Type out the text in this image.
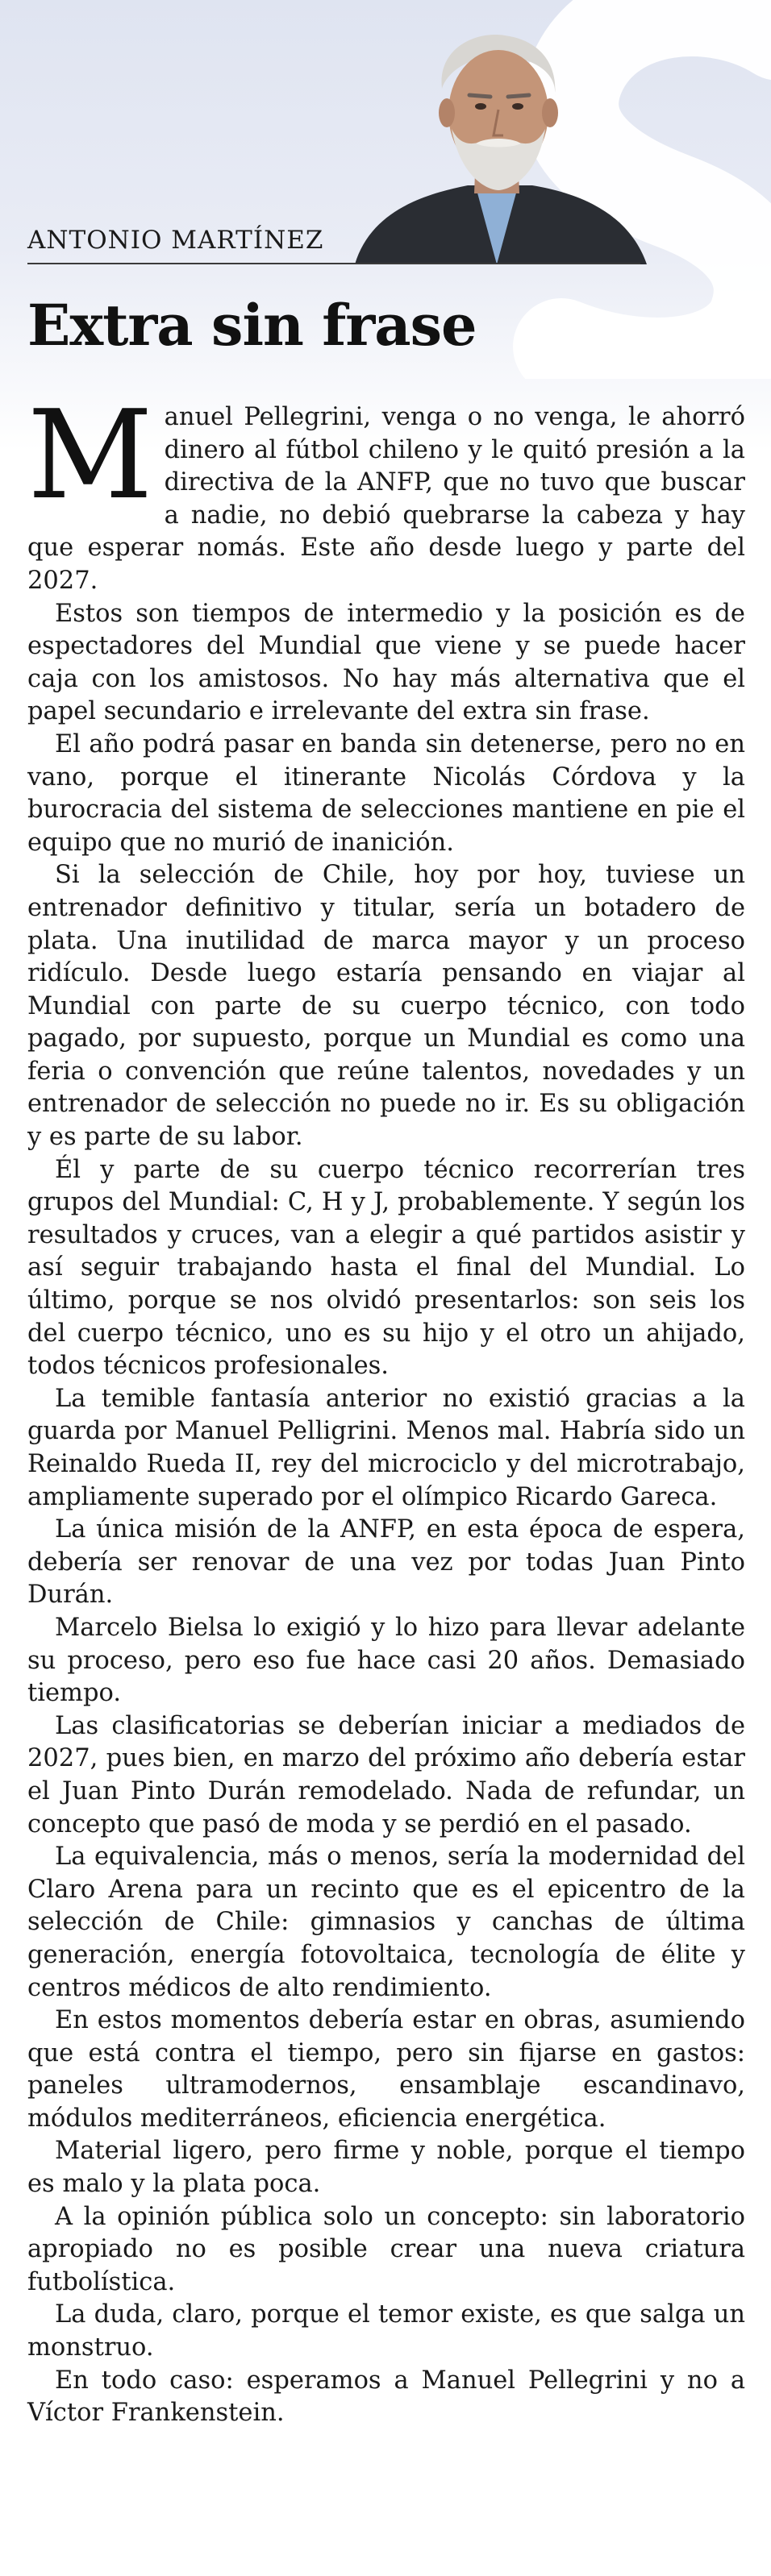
ANTONIO MARTÍNEZ
Extra sin frase

Manuel Pellegrini, venga o no venga, le ahorró dinero al fútbol chileno y le quitó presión a la directiva de la ANFP, que no tuvo que buscar a nadie, no debió quebrarse la cabeza y hay que esperar nomás. Este año desde luego y parte del 2027.

Estos son tiempos de intermedio y la posición es de espectadores del Mundial que viene y se puede hacer caja con los amistosos. No hay más alternativa que el papel secundario e irrelevante del extra sin frase.

El año podrá pasar en banda sin detenerse, pero no en vano, porque el itinerante Nicolás Córdova y la burocracia del sistema de selecciones mantiene en pie el equipo que no murió de inanición.

Si la selección de Chile, hoy por hoy, tuviese un entrenador definitivo y titular, sería un botadero de plata. Una inutilidad de marca mayor y un proceso ridículo. Desde luego estaría pensando en viajar al Mundial con parte de su cuerpo técnico, con todo pagado, por supuesto, porque un Mundial es como una feria o convención que reúne talentos, novedades y un entrenador de selección no puede no ir. Es su obligación y es parte de su labor.

Él y parte de su cuerpo técnico recorrerían tres grupos del Mundial: C, H y J, probablemente. Y según los resultados y cruces, van a elegir a qué partidos asistir y así seguir trabajando hasta el final del Mundial. Lo último, porque se nos olvidó presentarlos: son seis los del cuerpo técnico, uno es su hijo y el otro un ahijado, todos técnicos profesionales.

La temible fantasía anterior no existió gracias a la guarda por Manuel Pelligrini. Menos mal. Habría sido un Reinaldo Rueda II, rey del microciclo y del microtrabajo, ampliamente superado por el olímpico Ricardo Gareca.

La única misión de la ANFP, en esta época de espera, debería ser renovar de una vez por todas Juan Pinto Durán.

Marcelo Bielsa lo exigió y lo hizo para llevar adelante su proceso, pero eso fue hace casi 20 años. Demasiado tiempo.

Las clasificatorias se deberían iniciar a mediados de 2027, pues bien, en marzo del próximo año debería estar el Juan Pinto Durán remodelado. Nada de refundar, un concepto que pasó de moda y se perdió en el pasado.

La equivalencia, más o menos, sería la modernidad del Claro Arena para un recinto que es el epicentro de la selección de Chile: gimnasios y canchas de última generación, energía fotovoltaica, tecnología de élite y centros médicos de alto rendimiento.

En estos momentos debería estar en obras, asumiendo que está contra el tiempo, pero sin fijarse en gastos: paneles ultramodernos, ensamblaje escandinavo, módulos mediterráneos, eficiencia energética.

Material ligero, pero firme y noble, porque el tiempo es malo y la plata poca.

A la opinión pública solo un concepto: sin laboratorio apropiado no es posible crear una nueva criatura futbolística.

La duda, claro, porque el temor existe, es que salga un monstruo.

En todo caso: esperamos a Manuel Pellegrini y no a Víctor Frankenstein.
